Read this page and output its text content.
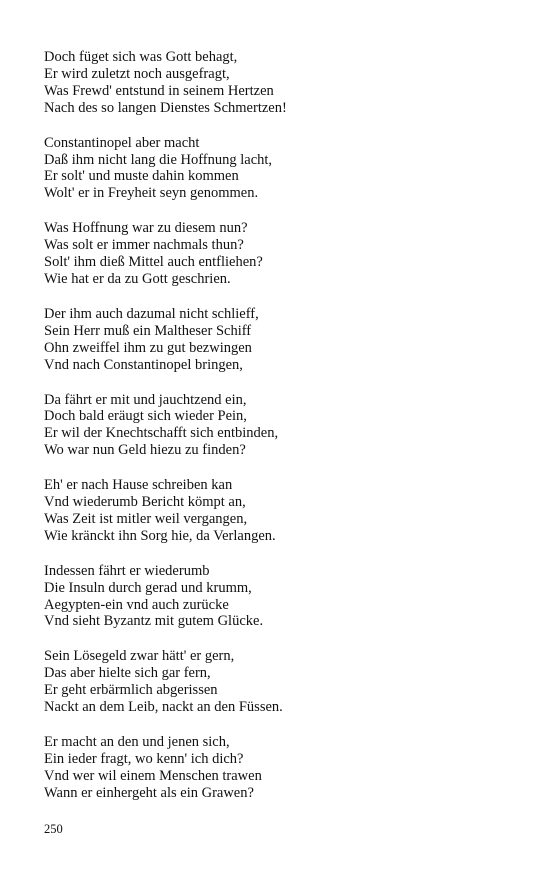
Doch füget sich was Gott behagt,
Er wird zuletzt noch ausgefragt,
Was Frewd' entstund in seinem Hertzen
Nach des so langen Dienstes Schmertzen!
Constantinopel aber macht
Daß ihm nicht lang die Hoffnung lacht,
Er solt' und muste dahin kommen
Wolt' er in Freyheit seyn genommen.
Was Hoffnung war zu diesem nun?
Was solt er immer nachmals thun?
Solt' ihm dieß Mittel auch entfliehen?
Wie hat er da zu Gott geschrien.
Der ihm auch dazumal nicht schlieff,
Sein Herr muß ein Maltheser Schiff
Ohn zweiffel ihm zu gut bezwingen
Vnd nach Constantinopel bringen,
Da fährt er mit und jauchtzend ein,
Doch bald eräugt sich wieder Pein,
Er wil der Knechtschafft sich entbinden,
Wo war nun Geld hiezu zu finden?
Eh' er nach Hause schreiben kan
Vnd wiederumb Bericht kömpt an,
Was Zeit ist mitler weil vergangen,
Wie kränckt ihn Sorg hie, da Verlangen.
Indessen fährt er wiederumb
Die Insuln durch gerad und krumm,
Aegypten-ein vnd auch zurücke
Vnd sieht Byzantz mit gutem Glücke.
Sein Lösegeld zwar hätt' er gern,
Das aber hielte sich gar fern,
Er geht erbärmlich abgerissen
Nackt an dem Leib, nackt an den Füssen.
Er macht an den und jenen sich,
Ein ieder fragt, wo kenn' ich dich?
Vnd wer wil einem Menschen trawen
Wann er einhergeht als ein Grawen?
250
